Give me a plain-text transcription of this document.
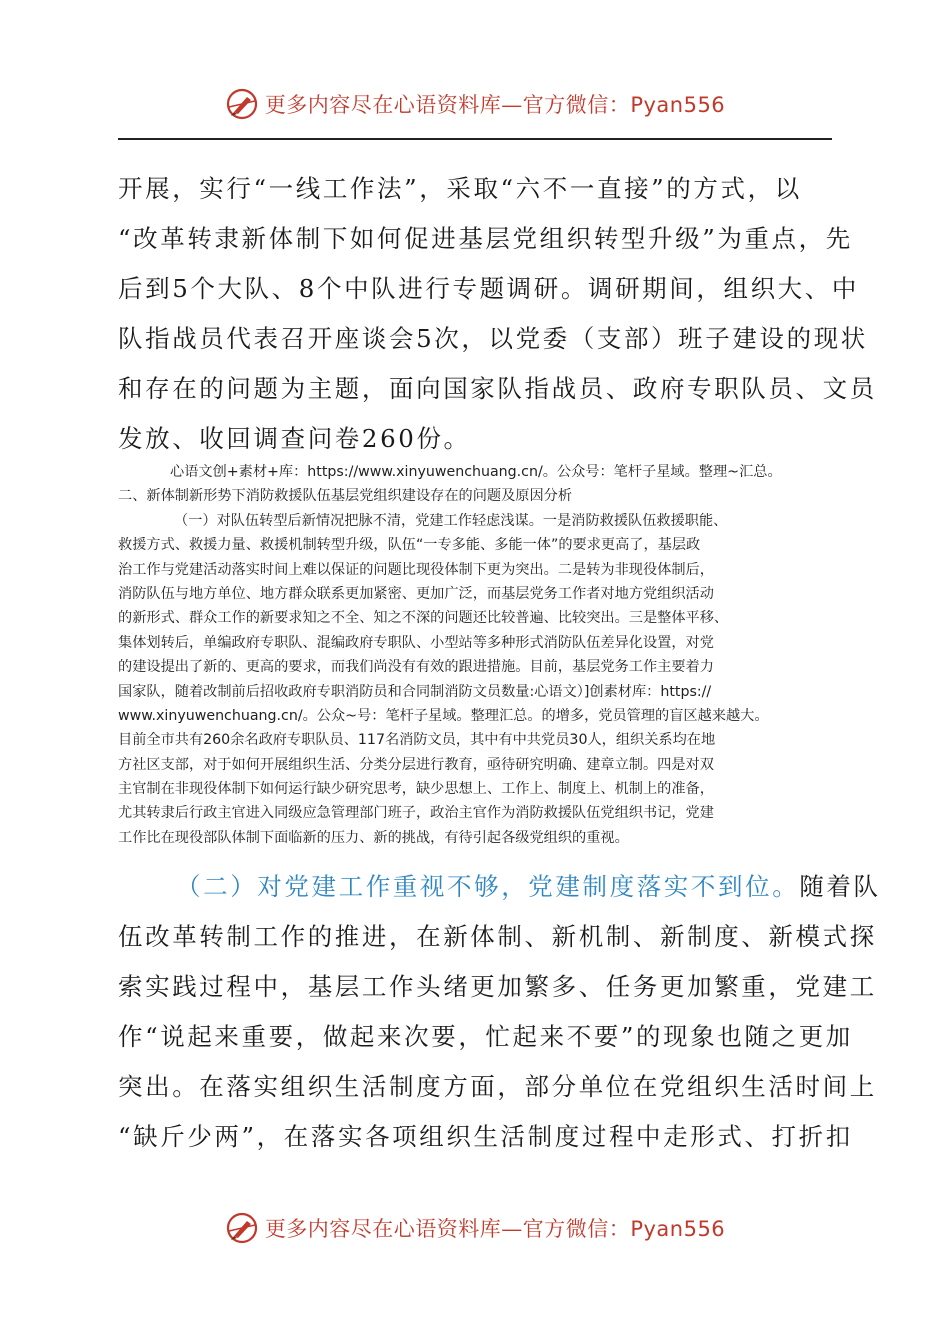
更多内容尽在心语资料库—官方微信：Pyan556
开展，实行“一线工作法”，采取“六不一直接”的方式，以
“改革转隶新体制下如何促进基层党组织转型升级”为重点，先
后到5个大队、8个中队进行专题调研。调研期间，组织大、中
队指战员代表召开座谈会5次，以党委（支部）班子建设的现状
和存在的问题为主题，面向国家队指战员、政府专职队员、文员
发放、收回调查问卷260份。
心语文创+素材+库：https://www.xinyuwenchuang.cn/。公众号：笔杆子星域。整理~汇总。
二、新体制新形势下消防救援队伍基层党组织建设存在的问题及原因分析
（一）对队伍转型后新情况把脉不清，党建工作轻虑浅谋。一是消防救援队伍救援职能、
救援方式、救援力量、救援机制转型升级，队伍“一专多能、多能一体”的要求更高了，基层政
治工作与党建活动落实时间上难以保证的问题比现役体制下更为突出。二是转为非现役体制后，
消防队伍与地方单位、地方群众联系更加紧密、更加广泛，而基层党务工作者对地方党组织活动
的新形式、群众工作的新要求知之不全、知之不深的问题还比较普遍、比较突出。三是整体平移、
集体划转后，单编政府专职队、混编政府专职队、小型站等多种形式消防队伍差异化设置，对党
的建设提出了新的、更高的要求，而我们尚没有有效的跟进措施。目前，基层党务工作主要着力
国家队，随着改制前后招收政府专职消防员和合同制消防文员数量:心语文）]创素材库：https://
www.xinyuwenchuang.cn/。公众~号：笔杆子星域。整理汇总。的增多，党员管理的盲区越来越大。
目前全市共有260余名政府专职队员、117名消防文员，其中有中共党员30人，组织关系均在地
方社区支部，对于如何开展组织生活、分类分层进行教育，亟待研究明确、建章立制。四是对双
主官制在非现役体制下如何运行缺少研究思考，缺少思想上、工作上、制度上、机制上的准备，
尤其转隶后行政主官进入同级应急管理部门班子，政治主官作为消防救援队伍党组织书记，党建
工作比在现役部队体制下面临新的压力、新的挑战，有待引起各级党组织的重视。
（二）对党建工作重视不够，党建制度落实不到位。随着队
伍改革转制工作的推进，在新体制、新机制、新制度、新模式探
索实践过程中，基层工作头绪更加繁多、任务更加繁重，党建工
作“说起来重要，做起来次要，忙起来不要”的现象也随之更加
突出。在落实组织生活制度方面，部分单位在党组织生活时间上
“缺斤少两”，在落实各项组织生活制度过程中走形式、打折扣
更多内容尽在心语资料库—官方微信：Pyan556
